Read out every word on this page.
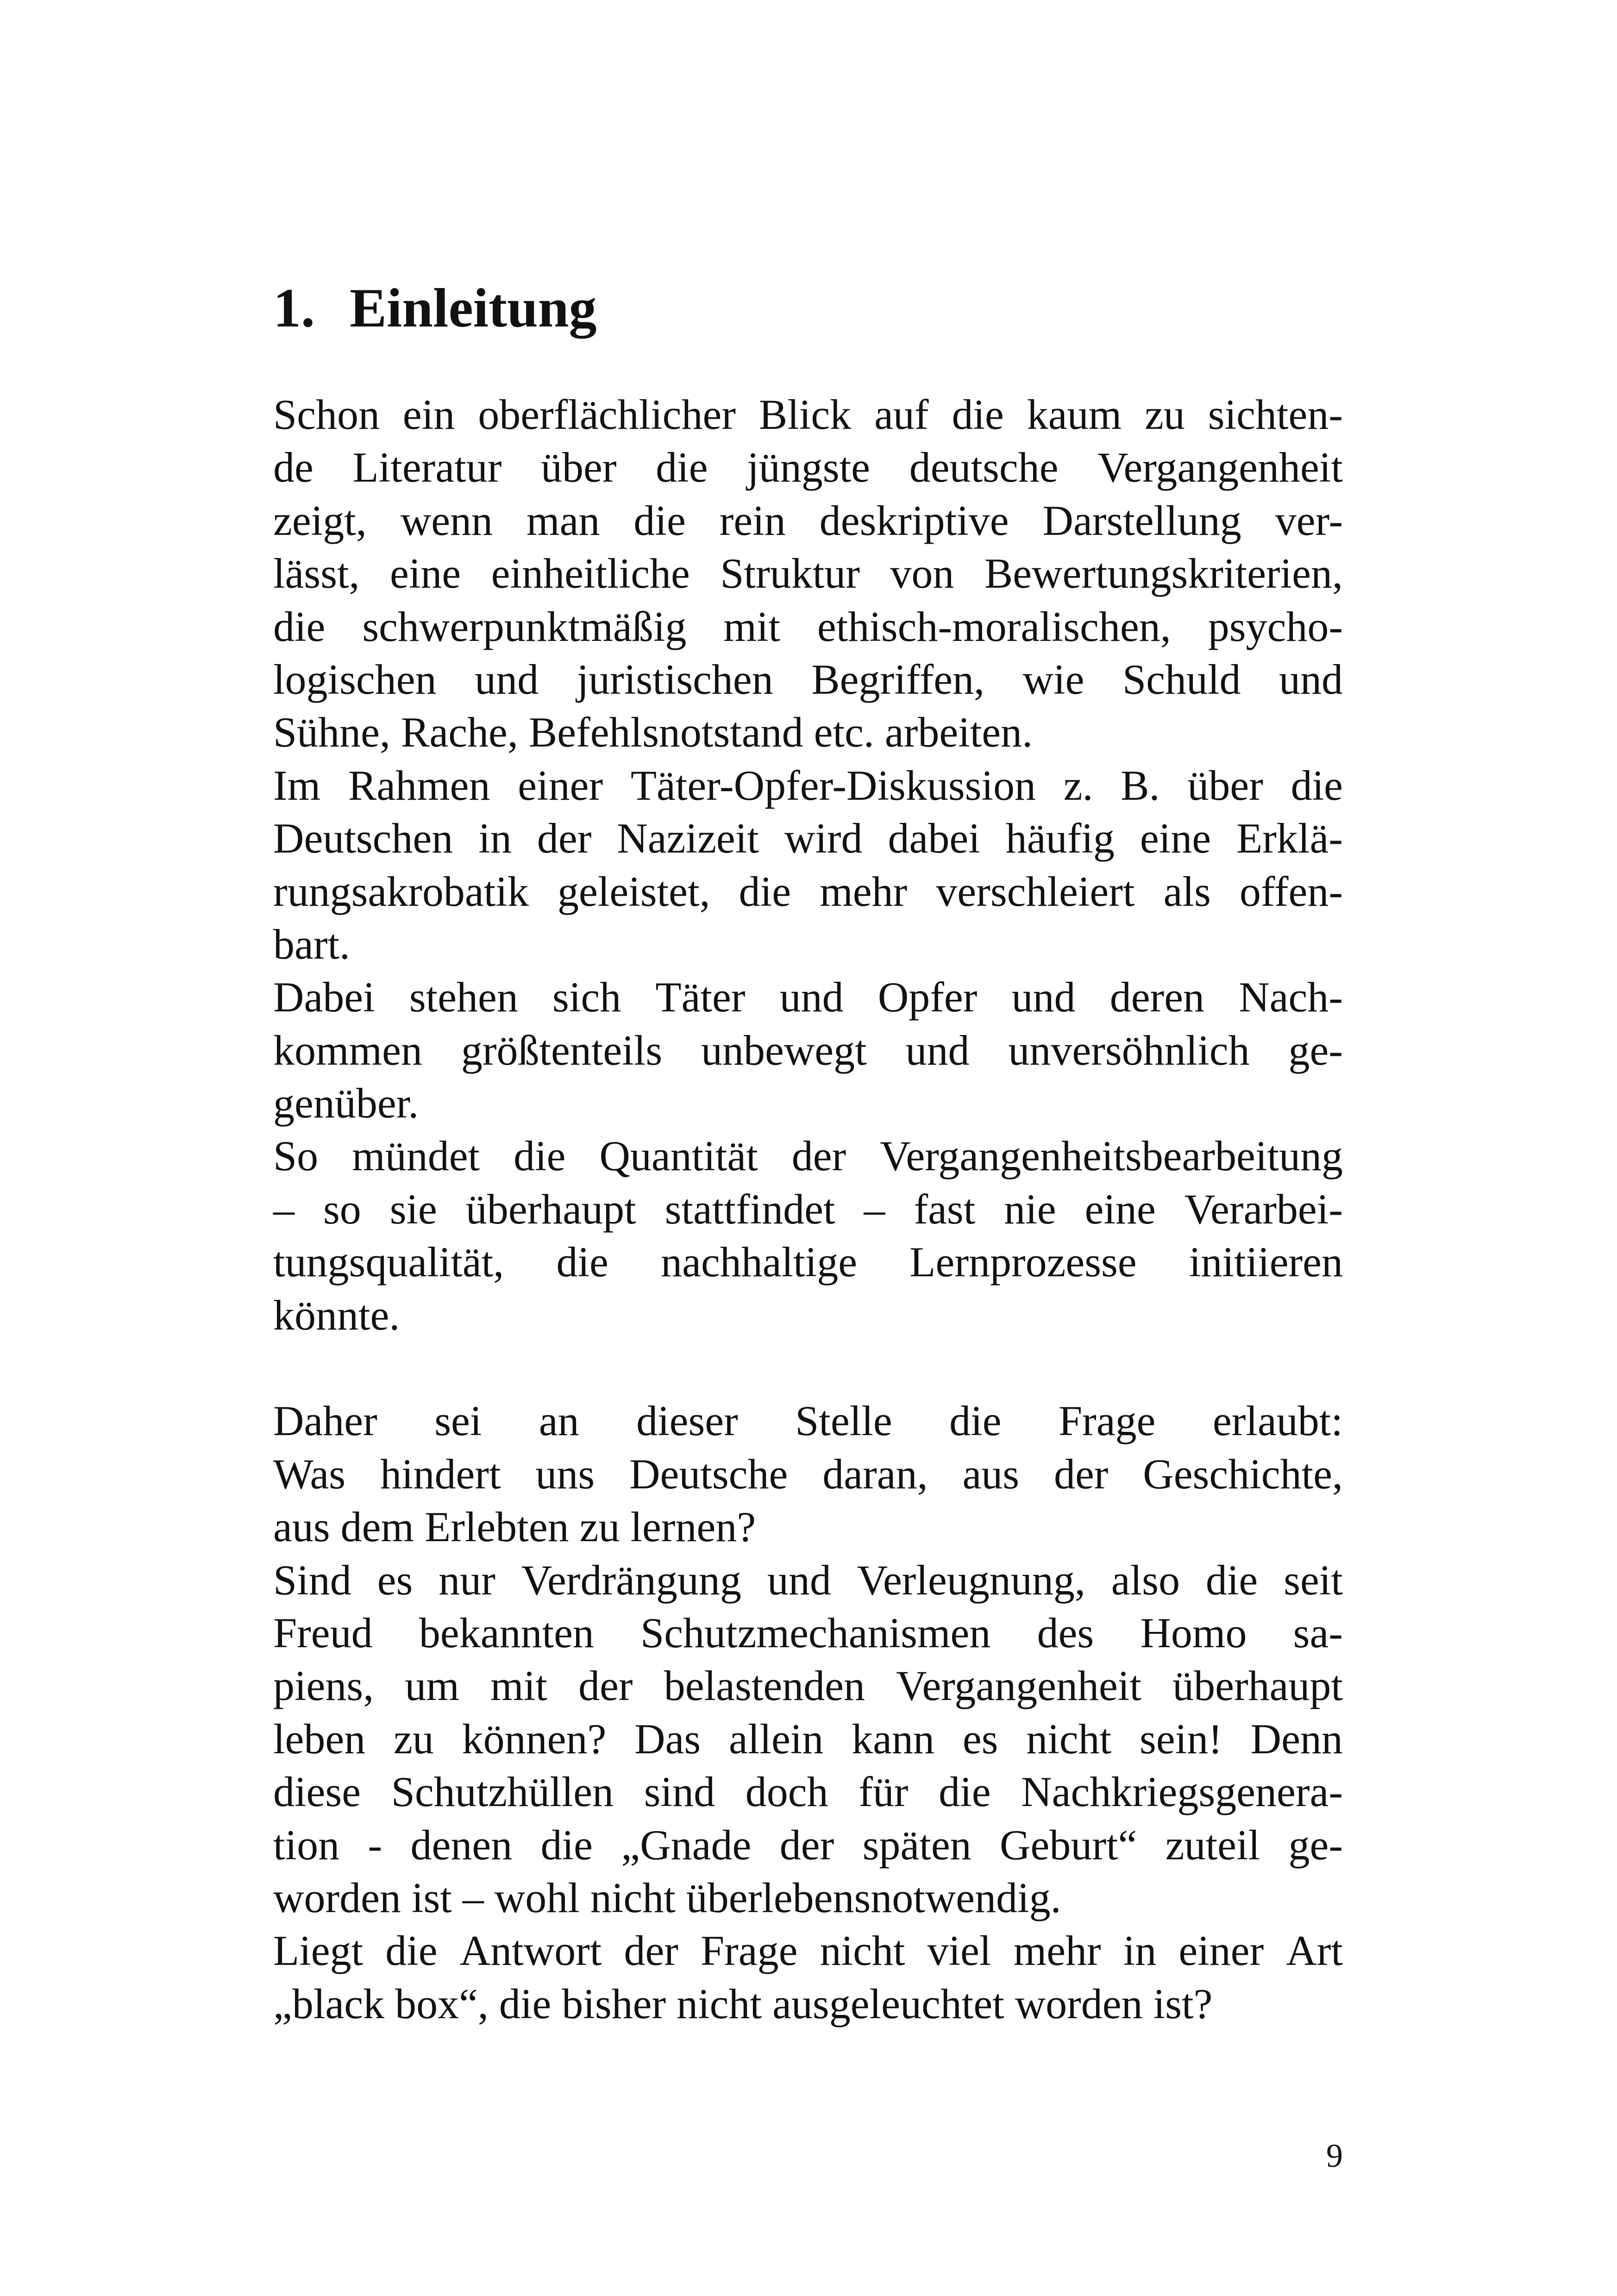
1. Einleitung
Schon ein oberflächlicher Blick auf die kaum zu sichten-
de Literatur über die jüngste deutsche Vergangenheit
zeigt, wenn man die rein deskriptive Darstellung ver-
lässt, eine einheitliche Struktur von Bewertungskriterien,
die schwerpunktmäßig mit ethisch-moralischen, psycho-
logischen und juristischen Begriffen, wie Schuld und
Sühne, Rache, Befehlsnotstand etc. arbeiten.
Im Rahmen einer Täter-Opfer-Diskussion z. B. über die
Deutschen in der Nazizeit wird dabei häufig eine Erklä-
rungsakrobatik geleistet, die mehr verschleiert als offen-
bart.
Dabei stehen sich Täter und Opfer und deren Nach-
kommen größtenteils unbewegt und unversöhnlich ge-
genüber.
So mündet die Quantität der Vergangenheitsbearbeitung
– so sie überhaupt stattfindet – fast nie eine Verarbei-
tungsqualität, die nachhaltige Lernprozesse initiieren
könnte.
Daher sei an dieser Stelle die Frage erlaubt:
Was hindert uns Deutsche daran, aus der Geschichte,
aus dem Erlebten zu lernen?
Sind es nur Verdrängung und Verleugnung, also die seit
Freud bekannten Schutzmechanismen des Homo sa-
piens, um mit der belastenden Vergangenheit überhaupt
leben zu können? Das allein kann es nicht sein! Denn
diese Schutzhüllen sind doch für die Nachkriegsgenera-
tion - denen die „Gnade der späten Geburt“ zuteil ge-
worden ist – wohl nicht überlebensnotwendig.
Liegt die Antwort der Frage nicht viel mehr in einer Art
„black box“, die bisher nicht ausgeleuchtet worden ist?
9
